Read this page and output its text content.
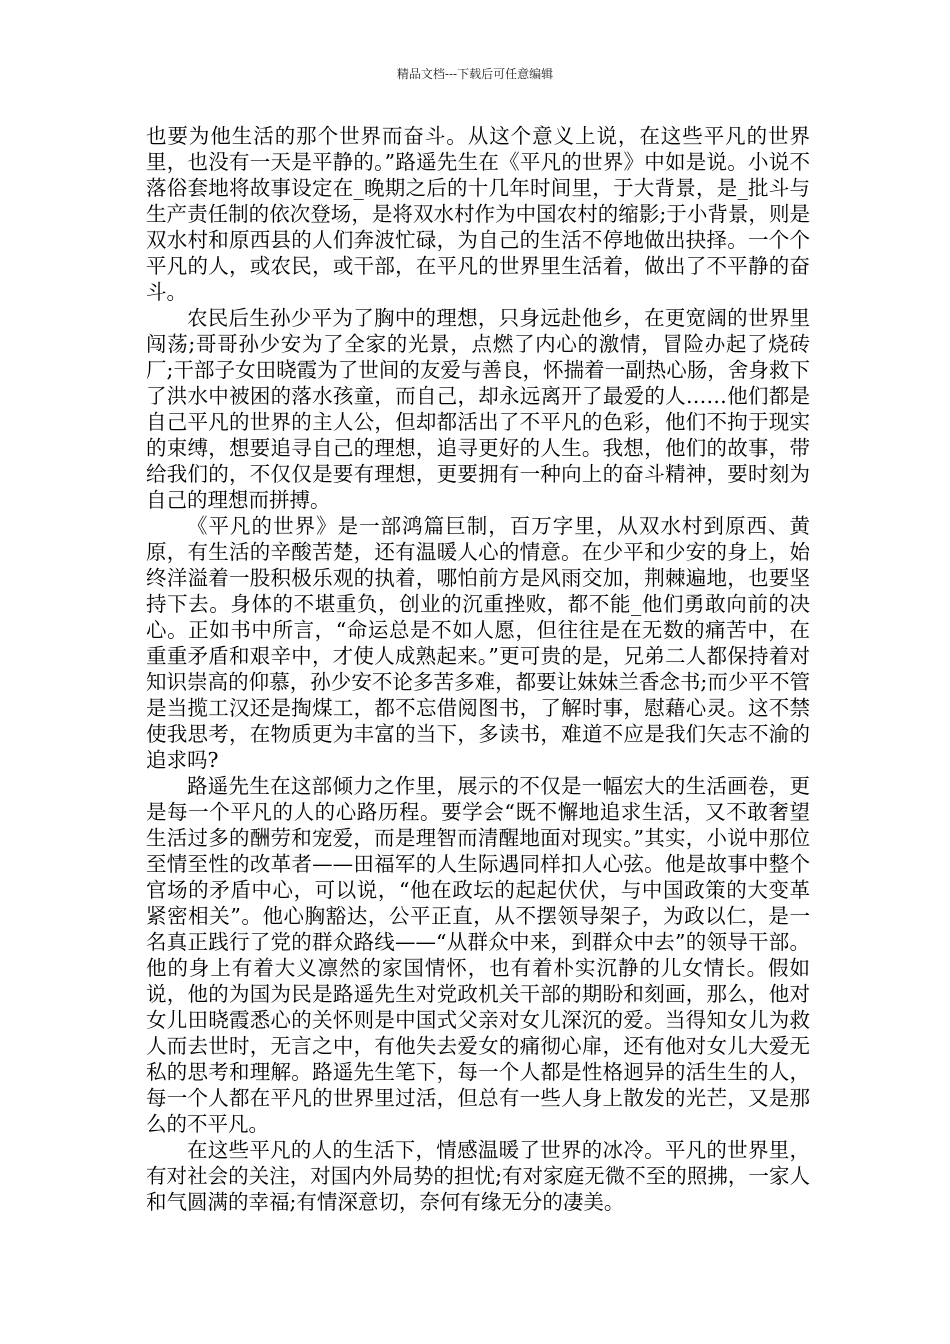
精品文档---下载后可任意编辑

也要为他生活的那个世界而奋斗。从这个意义上说，在这些平凡的世界里，也没有一天是平静的。”路遥先生在《平凡的世界》中如是说。小说不落俗套地将故事设定在_晚期之后的十几年时间里，于大背景，是_批斗与生产责任制的依次登场，是将双水村作为中国农村的缩影;于小背景，则是双水村和原西县的人们奔波忙碌，为自己的生活不停地做出抉择。一个个平凡的人，或农民，或干部，在平凡的世界里生活着，做出了不平静的奋斗。

农民后生孙少平为了胸中的理想，只身远赴他乡，在更宽阔的世界里闯荡;哥哥孙少安为了全家的光景，点燃了内心的激情，冒险办起了烧砖厂;干部子女田晓霞为了世间的友爱与善良，怀揣着一副热心肠，舍身救下了洪水中被困的落水孩童，而自己，却永远离开了最爱的人……他们都是自己平凡的世界的主人公，但却都活出了不平凡的色彩，他们不拘于现实的束缚，想要追寻自己的理想，追寻更好的人生。我想，他们的故事，带给我们的，不仅仅是要有理想，更要拥有一种向上的奋斗精神，要时刻为自己的理想而拼搏。

《平凡的世界》是一部鸿篇巨制，百万字里，从双水村到原西、黄原，有生活的辛酸苦楚，还有温暖人心的情意。在少平和少安的身上，始终洋溢着一股积极乐观的执着，哪怕前方是风雨交加，荆棘遍地，也要坚持下去。身体的不堪重负，创业的沉重挫败，都不能_他们勇敢向前的决心。正如书中所言，“命运总是不如人愿，但往往是在无数的痛苦中，在重重矛盾和艰辛中，才使人成熟起来。”更可贵的是，兄弟二人都保持着对知识崇高的仰慕，孙少安不论多苦多难，都要让妹妹兰香念书;而少平不管是当揽工汉还是掏煤工，都不忘借阅图书，了解时事，慰藉心灵。这不禁使我思考，在物质更为丰富的当下，多读书，难道不应是我们矢志不渝的追求吗?

路遥先生在这部倾力之作里，展示的不仅是一幅宏大的生活画卷，更是每一个平凡的人的心路历程。要学会“既不懈地追求生活，又不敢奢望生活过多的酬劳和宠爱，而是理智而清醒地面对现实。”其实，小说中那位至情至性的改革者——田福军的人生际遇同样扣人心弦。他是故事中整个官场的矛盾中心，可以说，“他在政坛的起起伏伏，与中国政策的大变革紧密相关”。他心胸豁达，公平正直，从不摆领导架子，为政以仁，是一名真正践行了党的群众路线——“从群众中来，到群众中去”的领导干部。他的身上有着大义凛然的家国情怀，也有着朴实沉静的儿女情长。假如说，他的为国为民是路遥先生对党政机关干部的期盼和刻画，那么，他对女儿田晓霞悉心的关怀则是中国式父亲对女儿深沉的爱。当得知女儿为救人而去世时，无言之中，有他失去爱女的痛彻心扉，还有他对女儿大爱无私的思考和理解。路遥先生笔下，每一个人都是性格迥异的活生生的人，每一个人都在平凡的世界里过活，但总有一些人身上散发的光芒，又是那么的不平凡。

在这些平凡的人的生活下，情感温暖了世界的冰冷。平凡的世界里，有对社会的关注，对国内外局势的担忧;有对家庭无微不至的照拂，一家人和气圆满的幸福;有情深意切，奈何有缘无分的凄美。
